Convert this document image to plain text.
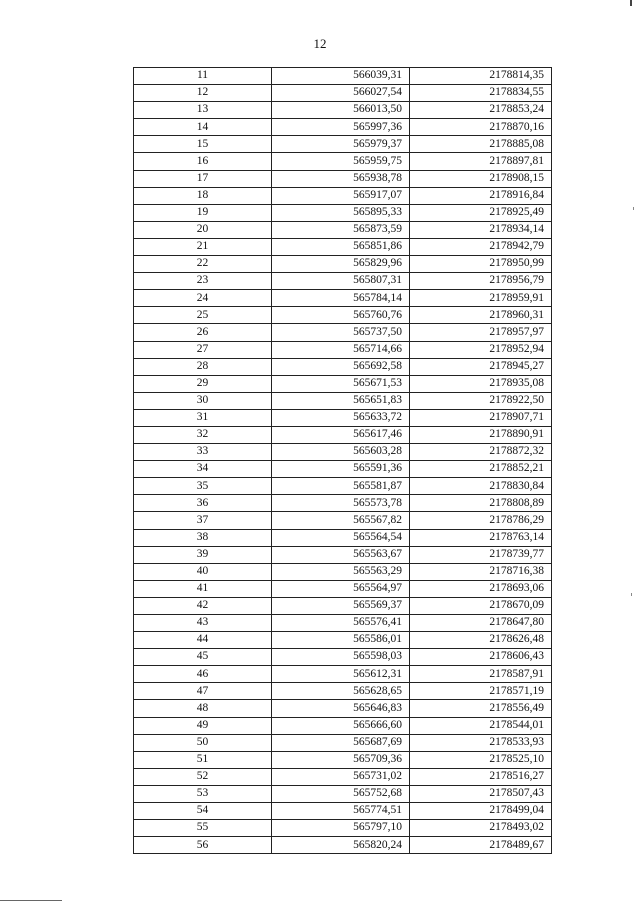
12
11	566039,31	2178814,35
12	566027,54	2178834,55
13	566013,50	2178853,24
14	565997,36	2178870,16
15	565979,37	2178885,08
16	565959,75	2178897,81
17	565938,78	2178908,15
18	565917,07	2178916,84
19	565895,33	2178925,49
20	565873,59	2178934,14
21	565851,86	2178942,79
22	565829,96	2178950,99
23	565807,31	2178956,79
24	565784,14	2178959,91
25	565760,76	2178960,31
26	565737,50	2178957,97
27	565714,66	2178952,94
28	565692,58	2178945,27
29	565671,53	2178935,08
30	565651,83	2178922,50
31	565633,72	2178907,71
32	565617,46	2178890,91
33	565603,28	2178872,32
34	565591,36	2178852,21
35	565581,87	2178830,84
36	565573,78	2178808,89
37	565567,82	2178786,29
38	565564,54	2178763,14
39	565563,67	2178739,77
40	565563,29	2178716,38
41	565564,97	2178693,06
42	565569,37	2178670,09
43	565576,41	2178647,80
44	565586,01	2178626,48
45	565598,03	2178606,43
46	565612,31	2178587,91
47	565628,65	2178571,19
48	565646,83	2178556,49
49	565666,60	2178544,01
50	565687,69	2178533,93
51	565709,36	2178525,10
52	565731,02	2178516,27
53	565752,68	2178507,43
54	565774,51	2178499,04
55	565797,10	2178493,02
56	565820,24	2178489,67
